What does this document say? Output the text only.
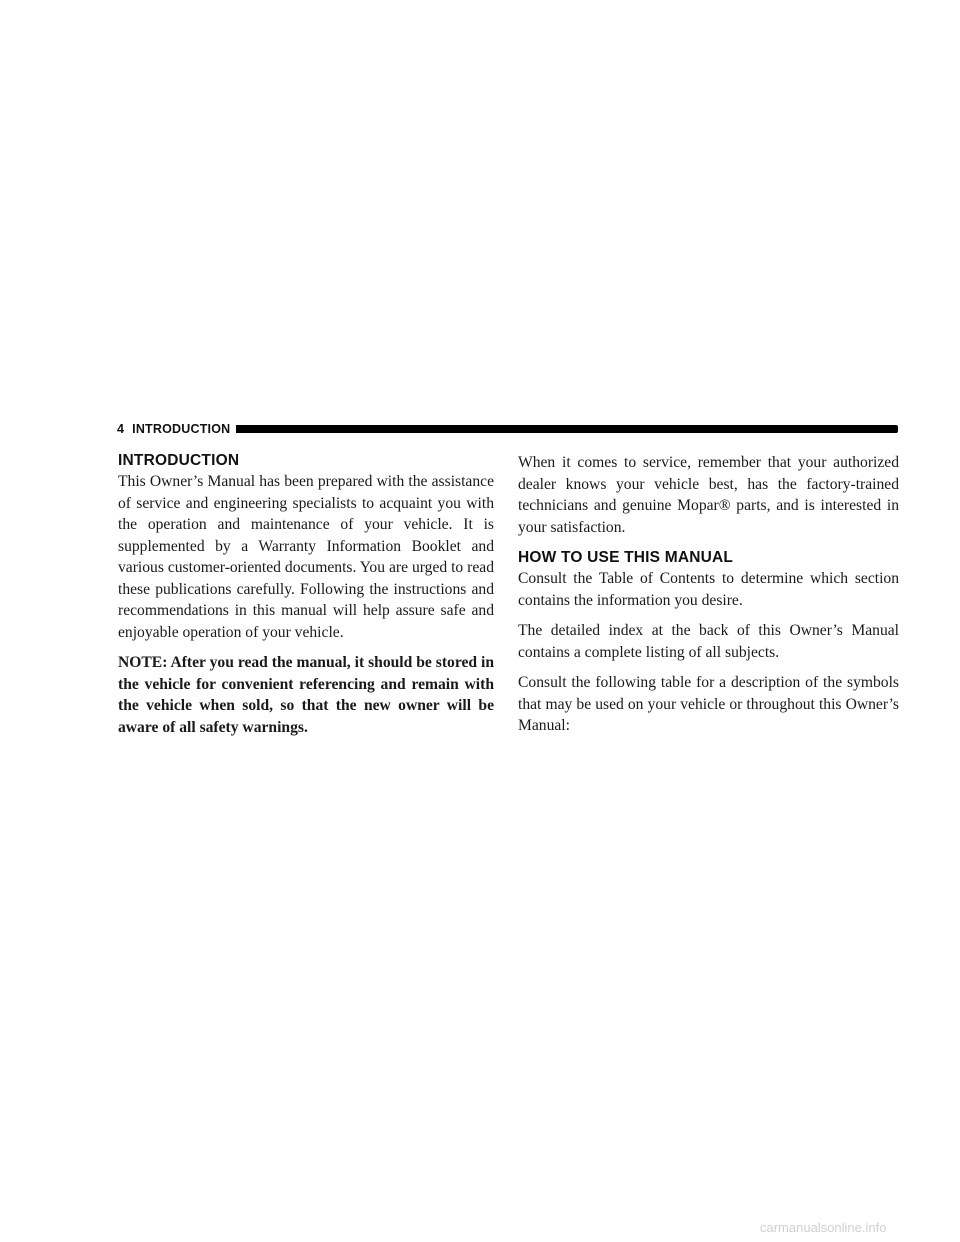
4 INTRODUCTION
INTRODUCTION

This Owner’s Manual has been prepared with the assistance of service and engineering specialists to acquaint you with the operation and maintenance of your vehicle. It is supplemented by a Warranty Information Booklet and various customer-oriented documents. You are urged to read these publications carefully. Following the instructions and recommendations in this manual will help assure safe and enjoyable operation of your vehicle.

NOTE: After you read the manual, it should be stored in the vehicle for convenient referencing and remain with the vehicle when sold, so that the new owner will be aware of all safety warnings.

When it comes to service, remember that your authorized dealer knows your vehicle best, has the factory-trained technicians and genuine Mopar® parts, and is interested in your satisfaction.

HOW TO USE THIS MANUAL

Consult the Table of Contents to determine which section contains the information you desire.

The detailed index at the back of this Owner’s Manual contains a complete listing of all subjects.

Consult the following table for a description of the symbols that may be used on your vehicle or throughout this Owner’s Manual:

carmanualsonline.info
